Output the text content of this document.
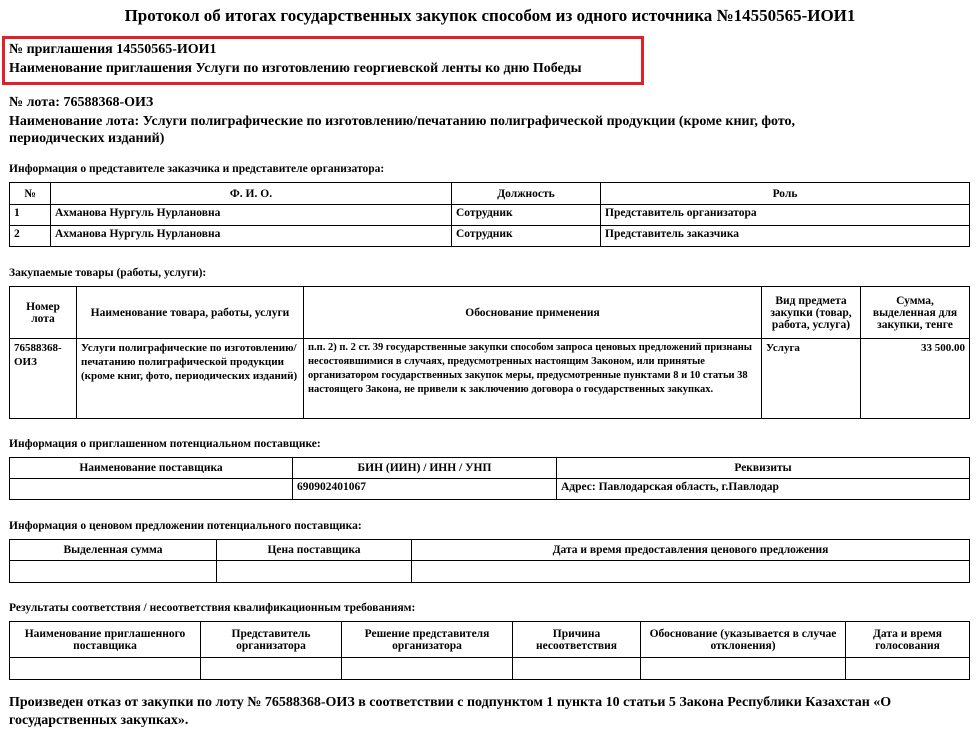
Протокол об итогах государственных закупок способом из одного источника №14550565-ИОИ1
№ приглашения 14550565-ИОИ1
Наименование приглашения Услуги по изготовлению георгиевской ленты ко дню Победы
№ лота: 76588368-ОИЗ
Наименование лота: Услуги полиграфические по изготовлению/печатанию полиграфической продукции (кроме книг, фото, периодических изданий)
Информация о представителе заказчика и представителе организатора:
№	Ф. И. О.	Должность	Роль
1	Ахманова Нургуль Нурлановна	Сотрудник	Представитель организатора
2	Ахманова Нургуль Нурлановна	Сотрудник	Представитель заказчика
Закупаемые товары (работы, услуги):
Номер лота	Наименование товара, работы, услуги	Обоснование применения	Вид предмета закупки (товар, работа, услуга)	Сумма, выделенная для закупки, тенге
76588368-ОИЗ	Услуги полиграфические по изготовлению/печатанию полиграфической продукции (кроме книг, фото, периодических изданий)	п.п. 2) п. 2 ст. 39 государственные закупки способом запроса ценовых предложений признаны несостоявшимися в случаях, предусмотренных настоящим Законом, или принятые организатором государственных закупок меры, предусмотренные пунктами 8 и 10 статьи 38 настоящего Закона, не привели к заключению договора о государственных закупках.	Услуга	33 500.00
Информация о приглашенном потенциальном поставщике:
Наименование поставщика	БИН (ИИН) / ИНН / УНП	Реквизиты
	690902401067	Адрес: Павлодарская область, г.Павлодар
Информация о ценовом предложении потенциального поставщика:
Выделенная сумма	Цена поставщика	Дата и время предоставления ценового предложения

Результаты соответствия / несоответствия квалификационным требованиям:
Наименование приглашенного поставщика	Представитель организатора	Решение представителя организатора	Причина несоответствия	Обоснование (указывается в случае отклонения)	Дата и время голосования

Произведен отказ от закупки по лоту № 76588368-ОИЗ в соответствии с подпунктом 1 пункта 10 статьи 5 Закона Республики Казахстан «О государственных закупках».
